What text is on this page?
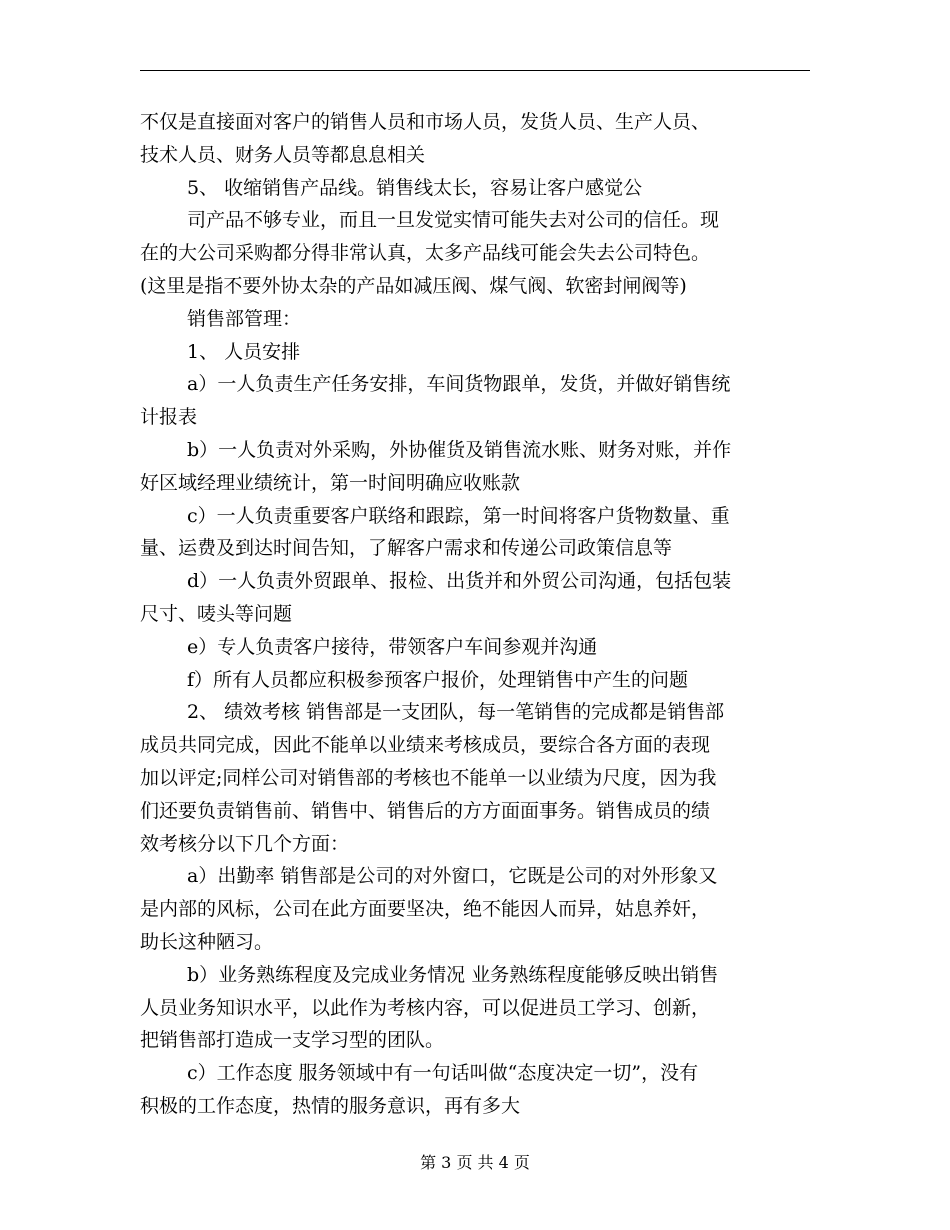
不仅是直接面对客户的销售人员和市场人员，发货人员、生产人员、
技术人员、财务人员等都息息相关
5、 收缩销售产品线。销售线太长，容易让客户感觉公
司产品不够专业，而且一旦发觉实情可能失去对公司的信任。现
在的大公司采购都分得非常认真，太多产品线可能会失去公司特色。
(这里是指不要外协太杂的产品如减压阀、煤气阀、软密封闸阀等)
销售部管理：
1、 人员安排
a）一人负责生产任务安排，车间货物跟单，发货，并做好销售统
计报表
b）一人负责对外采购，外协催货及销售流水账、财务对账，并作
好区域经理业绩统计，第一时间明确应收账款
c）一人负责重要客户联络和跟踪，第一时间将客户货物数量、重
量、运费及到达时间告知，了解客户需求和传递公司政策信息等
d）一人负责外贸跟单、报检、出货并和外贸公司沟通，包括包装
尺寸、唛头等问题
e）专人负责客户接待，带领客户车间参观并沟通
f）所有人员都应积极参预客户报价，处理销售中产生的问题
2、 绩效考核 销售部是一支团队，每一笔销售的完成都是销售部
成员共同完成，因此不能单以业绩来考核成员，要综合各方面的表现
加以评定;同样公司对销售部的考核也不能单一以业绩为尺度，因为我
们还要负责销售前、销售中、销售后的方方面面事务。销售成员的绩
效考核分以下几个方面：
a）出勤率 销售部是公司的对外窗口，它既是公司的对外形象又
是内部的风标，公司在此方面要坚决，绝不能因人而异，姑息养奸，
助长这种陋习。
b）业务熟练程度及完成业务情况 业务熟练程度能够反映出销售
人员业务知识水平，以此作为考核内容，可以促进员工学习、创新，
把销售部打造成一支学习型的团队。
c）工作态度 服务领域中有一句话叫做“态度决定一切”，没有
积极的工作态度，热情的服务意识，再有多大
第 3 页 共 4 页
